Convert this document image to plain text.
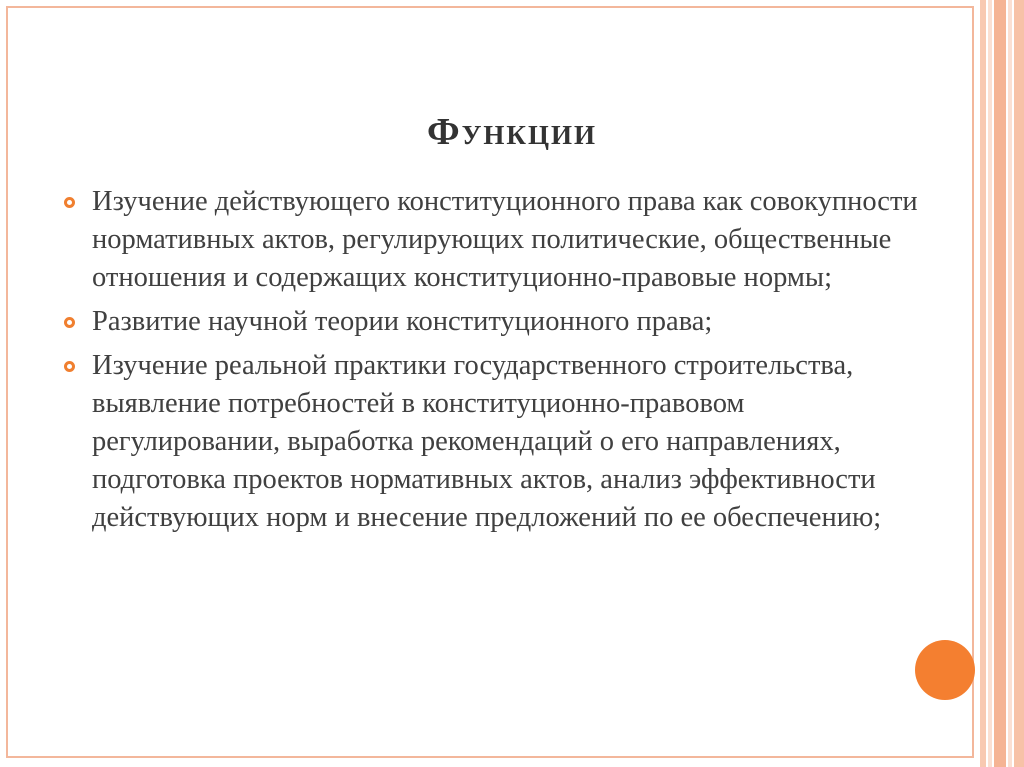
Функции
Изучение действующего конституционного права как совокупности нормативных актов, регулирующих политические, общественные отношения и содержащих конституционно-правовые нормы;
Развитие научной теории конституционного права;
Изучение реальной практики государственного строительства, выявление потребностей в конституционно-правовом регулировании, выработка рекомендаций о его направлениях, подготовка проектов нормативных актов, анализ эффективности действующих норм и внесение предложений по ее обеспечению;
